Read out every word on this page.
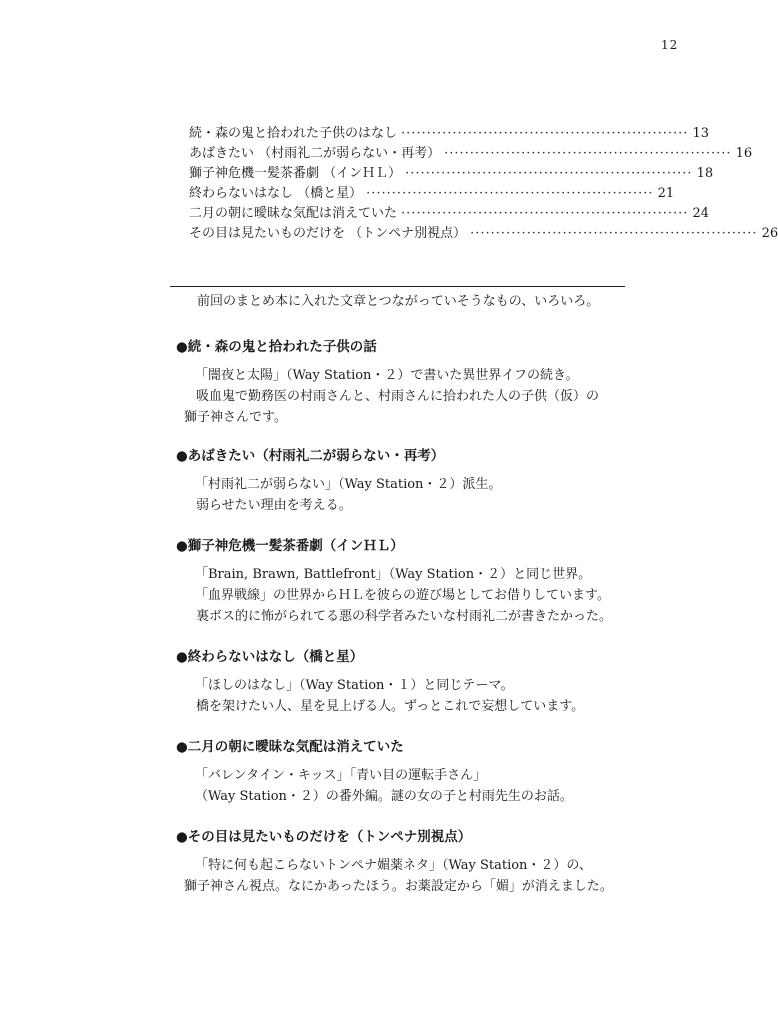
12
続・森の鬼と拾われた子供のはなし ························································ 13
あばきたい （村雨礼二が弱らない・再考） ························································ 16
獅子神危機一髪茶番劇 （インＨＬ） ························································ 18
終わらないはなし （橋と星） ························································ 21
二月の朝に曖昧な気配は消えていた ························································ 24
その目は見たいものだけを （トンペナ別視点） ························································ 26
前回のまとめ本に入れた文章とつながっていそうなもの、いろいろ。
●続・森の鬼と拾われた子供の話
「闇夜と太陽」（Way Station・２）で書いた異世界イフの続き。
吸血鬼で勤務医の村雨さんと、村雨さんに拾われた人の子供（仮）の
獅子神さんです。
●あばきたい（村雨礼二が弱らない・再考）
「村雨礼二が弱らない」（Way Station・２）派生。
弱らせたい理由を考える。
●獅子神危機一髪茶番劇（インＨＬ）
「Brain, Brawn, Battlefront」（Way Station・２）と同じ世界。
「血界戦線」の世界からＨＬを彼らの遊び場としてお借りしています。
裏ボス的に怖がられてる悪の科学者みたいな村雨礼二が書きたかった。
●終わらないはなし（橋と星）
「ほしのはなし」（Way Station・１）と同じテーマ。
橋を架けたい人、星を見上げる人。ずっとこれで妄想しています。
●二月の朝に曖昧な気配は消えていた
「バレンタイン・キッス」「青い目の運転手さん」
（Way Station・２）の番外編。謎の女の子と村雨先生のお話。
●その目は見たいものだけを（トンペナ別視点）
「特に何も起こらないトンペナ媚薬ネタ」（Way Station・２）の、
獅子神さん視点。なにかあったほう。お薬設定から「媚」が消えました。
